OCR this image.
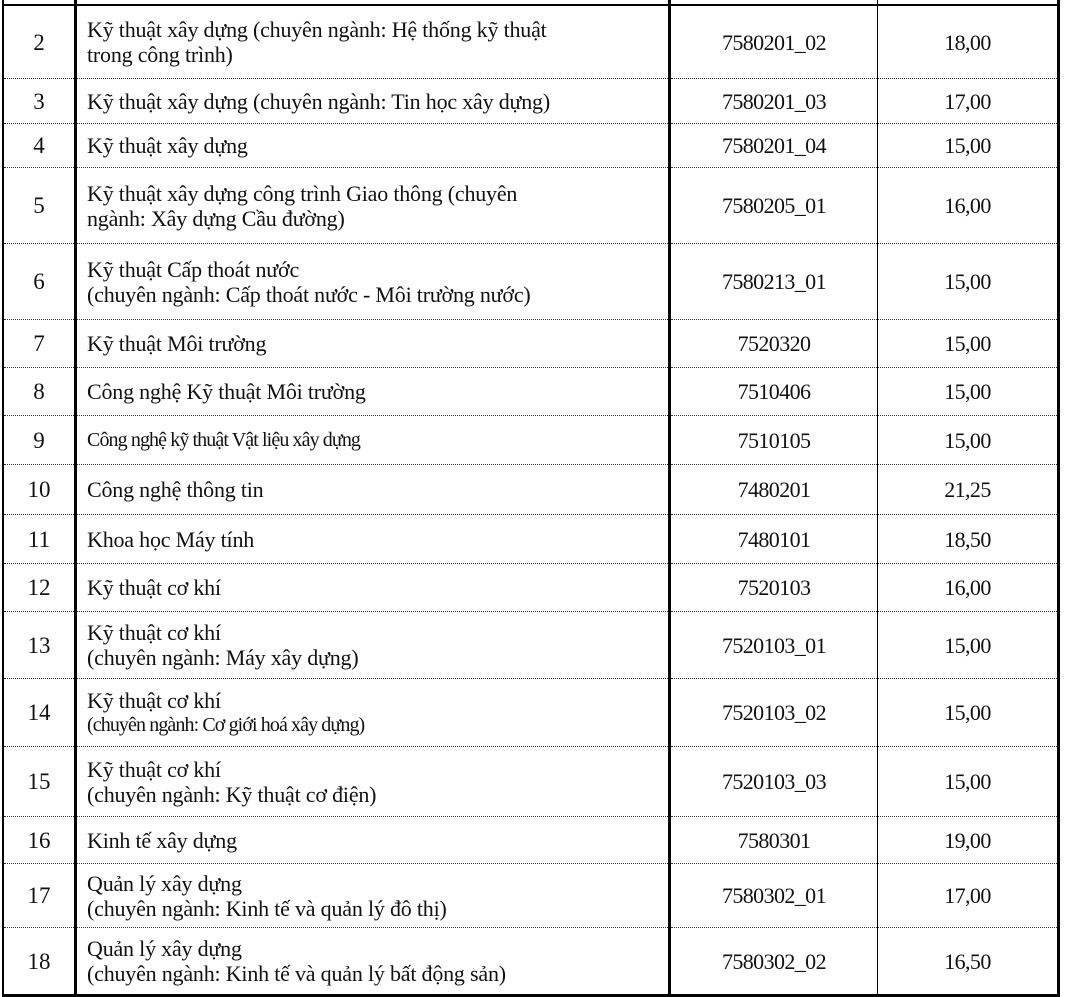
2	Kỹ thuật xây dựng (chuyên ngành: Hệ thống kỹ thuật
trong công trình)	7580201_02	18,00
3	Kỹ thuật xây dựng (chuyên ngành: Tin học xây dựng)	7580201_03	17,00
4	Kỹ thuật xây dựng	7580201_04	15,00
5	Kỹ thuật xây dựng công trình Giao thông (chuyên
ngành: Xây dựng Cầu đường)	7580205_01	16,00
6	Kỹ thuật Cấp thoát nước
(chuyên ngành: Cấp thoát nước - Môi trường nước)	7580213_01	15,00
7	Kỹ thuật Môi trường	7520320	15,00
8	Công nghệ Kỹ thuật Môi trường	7510406	15,00
9	Công nghệ kỹ thuật Vật liệu xây dựng	7510105	15,00
10	Công nghệ thông tin	7480201	21,25
11	Khoa học Máy tính	7480101	18,50
12	Kỹ thuật cơ khí	7520103	16,00
13	Kỹ thuật cơ khí
(chuyên ngành: Máy xây dựng)	7520103_01	15,00
14	Kỹ thuật cơ khí
(chuyên ngành: Cơ giới hoá xây dựng)	7520103_02	15,00
15	Kỹ thuật cơ khí
(chuyên ngành: Kỹ thuật cơ điện)	7520103_03	15,00
16	Kinh tế xây dựng	7580301	19,00
17	Quản lý xây dựng
(chuyên ngành: Kinh tế và quản lý đô thị)	7580302_01	17,00
18	Quản lý xây dựng
(chuyên ngành: Kinh tế và quản lý bất động sản)	7580302_02	16,50
